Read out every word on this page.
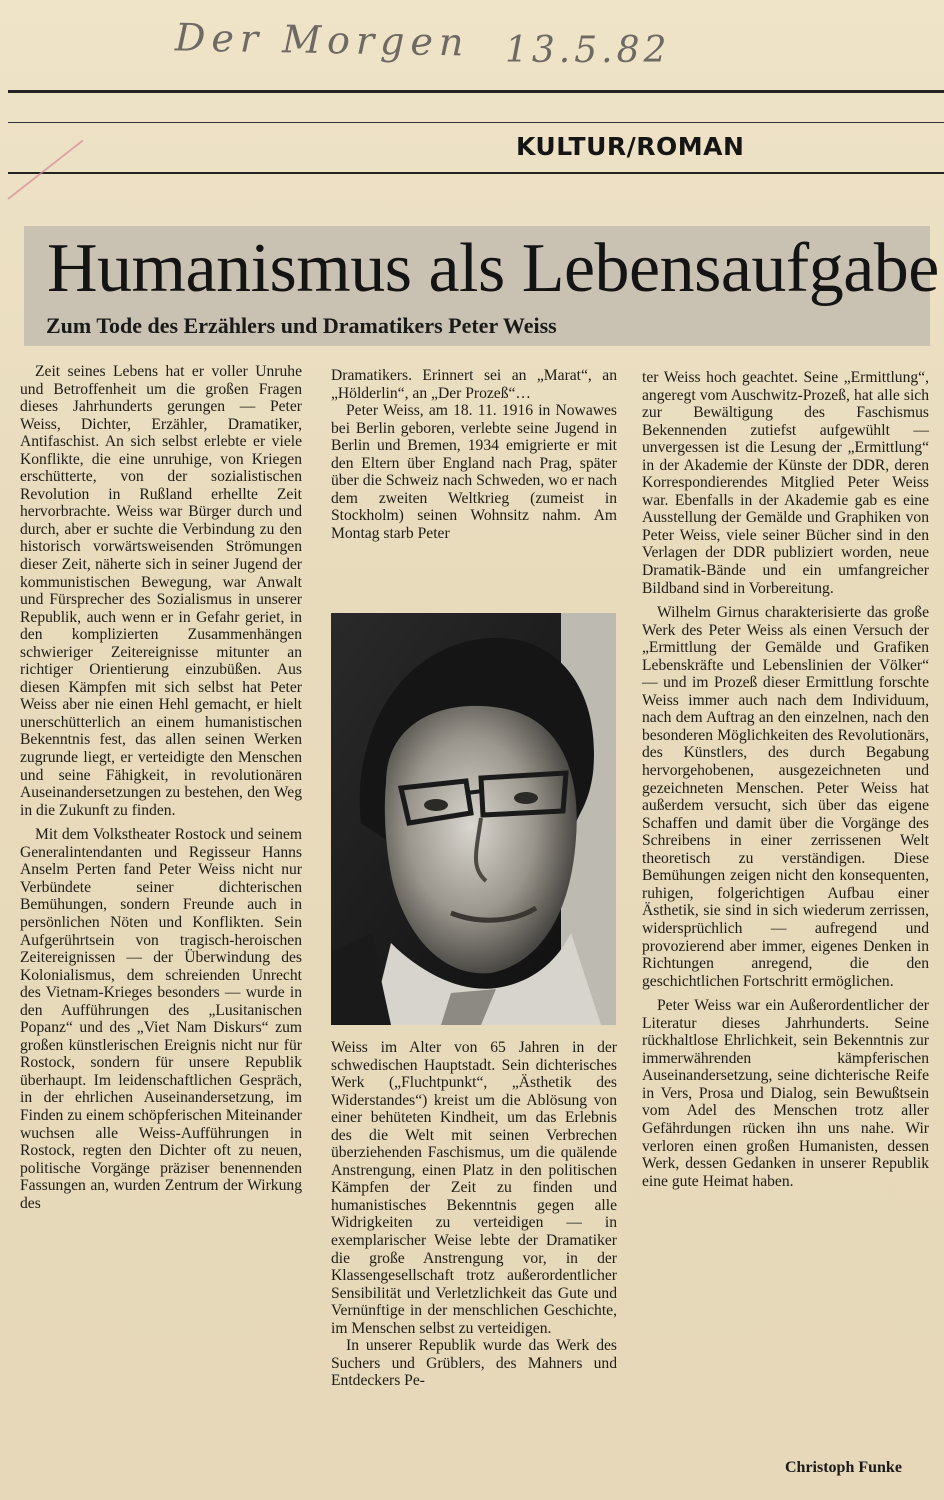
Der Morgen 13.5.82
KULTUR/ROMAN
Humanismus als Lebensaufgabe
Zum Tode des Erzählers und Dramatikers Peter Weiss

Zeit seines Lebens hat er voller Unruhe und Betroffenheit um die großen Fragen dieses Jahrhunderts gerungen — Peter Weiss, Dichter, Erzähler, Dramatiker, Antifaschist. An sich selbst erlebte er viele Konflikte, die eine unruhige, von Kriegen erschütterte, von der sozialistischen Revolution in Rußland erhellte Zeit hervorbrachte. Weiss war Bürger durch und durch, aber er suchte die Verbindung zu den historisch vorwärtsweisenden Strömungen dieser Zeit, näherte sich in seiner Jugend der kommunistischen Bewegung, war Anwalt und Fürsprecher des Sozialismus in unserer Republik, auch wenn er in Gefahr geriet, in den komplizierten Zusammenhängen schwieriger Zeitereignisse mitunter an richtiger Orientierung einzubüßen. Aus diesen Kämpfen mit sich selbst hat Peter Weiss aber nie einen Hehl gemacht, er hielt unerschütterlich an einem humanistischen Bekenntnis fest, das allen seinen Werken zugrunde liegt, er verteidigte den Menschen und seine Fähigkeit, in revolutionären Auseinandersetzungen zu bestehen, den Weg in die Zukunft zu finden.

Mit dem Volkstheater Rostock und seinem Generalintendanten und Regisseur Hanns Anselm Perten fand Peter Weiss nicht nur Verbündete seiner dichterischen Bemühungen, sondern Freunde auch in persönlichen Nöten und Konflikten. Sein Aufgerührtsein von tragisch-heroischen Zeitereignissen — der Überwindung des Kolonialismus, dem schreienden Unrecht des Vietnam-Krieges besonders — wurde in den Aufführungen des „Lusitanischen Popanz“ und des „Viet Nam Diskurs“ zum großen künstlerischen Ereignis nicht nur für Rostock, sondern für unsere Republik überhaupt. Im leidenschaftlichen Gespräch, in der ehrlichen Auseinandersetzung, im Finden zu einem schöpferischen Miteinander wuchsen alle Weiss-Aufführungen in Rostock, regten den Dichter oft zu neuen, politische Vorgänge präziser benennenden Fassungen an, wurden Zentrum der Wirkung des

Dramatikers. Erinnert sei an „Marat“, an „Hölderlin“, an „Der Prozeß“…

Peter Weiss, am 18. 11. 1916 in Nowawes bei Berlin geboren, verlebte seine Jugend in Berlin und Bremen, 1934 emigrierte er mit den Eltern über England nach Prag, später über die Schweiz nach Schweden, wo er nach dem zweiten Weltkrieg (zumeist in Stockholm) seinen Wohnsitz nahm. Am Montag starb Peter

Weiss im Alter von 65 Jahren in der schwedischen Hauptstadt. Sein dichterisches Werk („Fluchtpunkt“, „Ästhetik des Widerstandes“) kreist um die Ablösung von einer behüteten Kindheit, um das Erlebnis des die Welt mit seinen Verbrechen überziehenden Faschismus, um die quälende Anstrengung, einen Platz in den politischen Kämpfen der Zeit zu finden und humanistisches Bekenntnis gegen alle Widrigkeiten zu verteidigen — in exemplarischer Weise lebte der Dramatiker die große Anstrengung vor, in der Klassengesellschaft trotz außerordentlicher Sensibilität und Verletzlichkeit das Gute und Vernünftige in der menschlichen Geschichte, im Menschen selbst zu verteidigen.

In unserer Republik wurde das Werk des Suchers und Grüblers, des Mahners und Entdeckers Pe-

ter Weiss hoch geachtet. Seine „Ermittlung“, angeregt vom Auschwitz-Prozeß, hat alle sich zur Bewältigung des Faschismus Bekennenden zutiefst aufgewühlt — unvergessen ist die Lesung der „Ermittlung“ in der Akademie der Künste der DDR, deren Korrespondierendes Mitglied Peter Weiss war. Ebenfalls in der Akademie gab es eine Ausstellung der Gemälde und Graphiken von Peter Weiss, viele seiner Bücher sind in den Verlagen der DDR publiziert worden, neue Dramatik-Bände und ein umfangreicher Bildband sind in Vorbereitung.

Wilhelm Girnus charakterisierte das große Werk des Peter Weiss als einen Versuch der „Ermittlung der Gemälde und Grafiken Lebenskräfte und Lebenslinien der Völker“ — und im Prozeß dieser Ermittlung forschte Weiss immer auch nach dem Individuum, nach dem Auftrag an den einzelnen, nach den besonderen Möglichkeiten des Revolutionärs, des Künstlers, des durch Begabung hervorgehobenen, ausgezeichneten und gezeichneten Menschen. Peter Weiss hat außerdem versucht, sich über das eigene Schaffen und damit über die Vorgänge des Schreibens in einer zerrissenen Welt theoretisch zu verständigen. Diese Bemühungen zeigen nicht den konsequenten, ruhigen, folgerichtigen Aufbau einer Ästhetik, sie sind in sich wiederum zerrissen, widersprüchlich — aufregend und provozierend aber immer, eigenes Denken in Richtungen anregend, die den geschichtlichen Fortschritt ermöglichen.

Peter Weiss war ein Außerordentlicher der Literatur dieses Jahrhunderts. Seine rückhaltlose Ehrlichkeit, sein Bekenntnis zur immerwährenden kämpferischen Auseinandersetzung, seine dichterische Reife in Vers, Prosa und Dialog, sein Bewußtsein vom Adel des Menschen trotz aller Gefährdungen rücken ihn uns nahe. Wir verloren einen großen Humanisten, dessen Werk, dessen Gedanken in unserer Republik eine gute Heimat haben.

Christoph Funke
